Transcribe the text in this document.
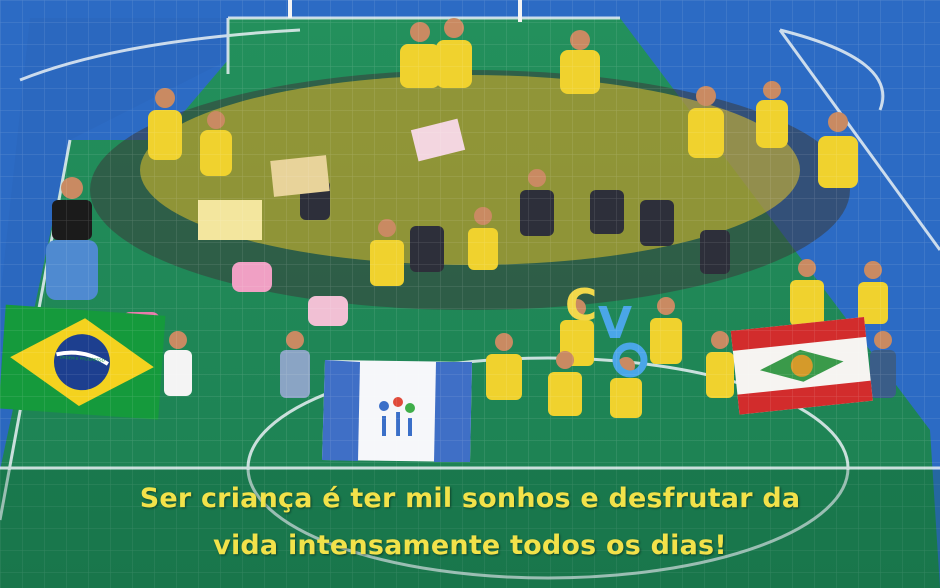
Ser criança é ter mil sonhos e desfrutar da
vida intensamente todos os dias!
